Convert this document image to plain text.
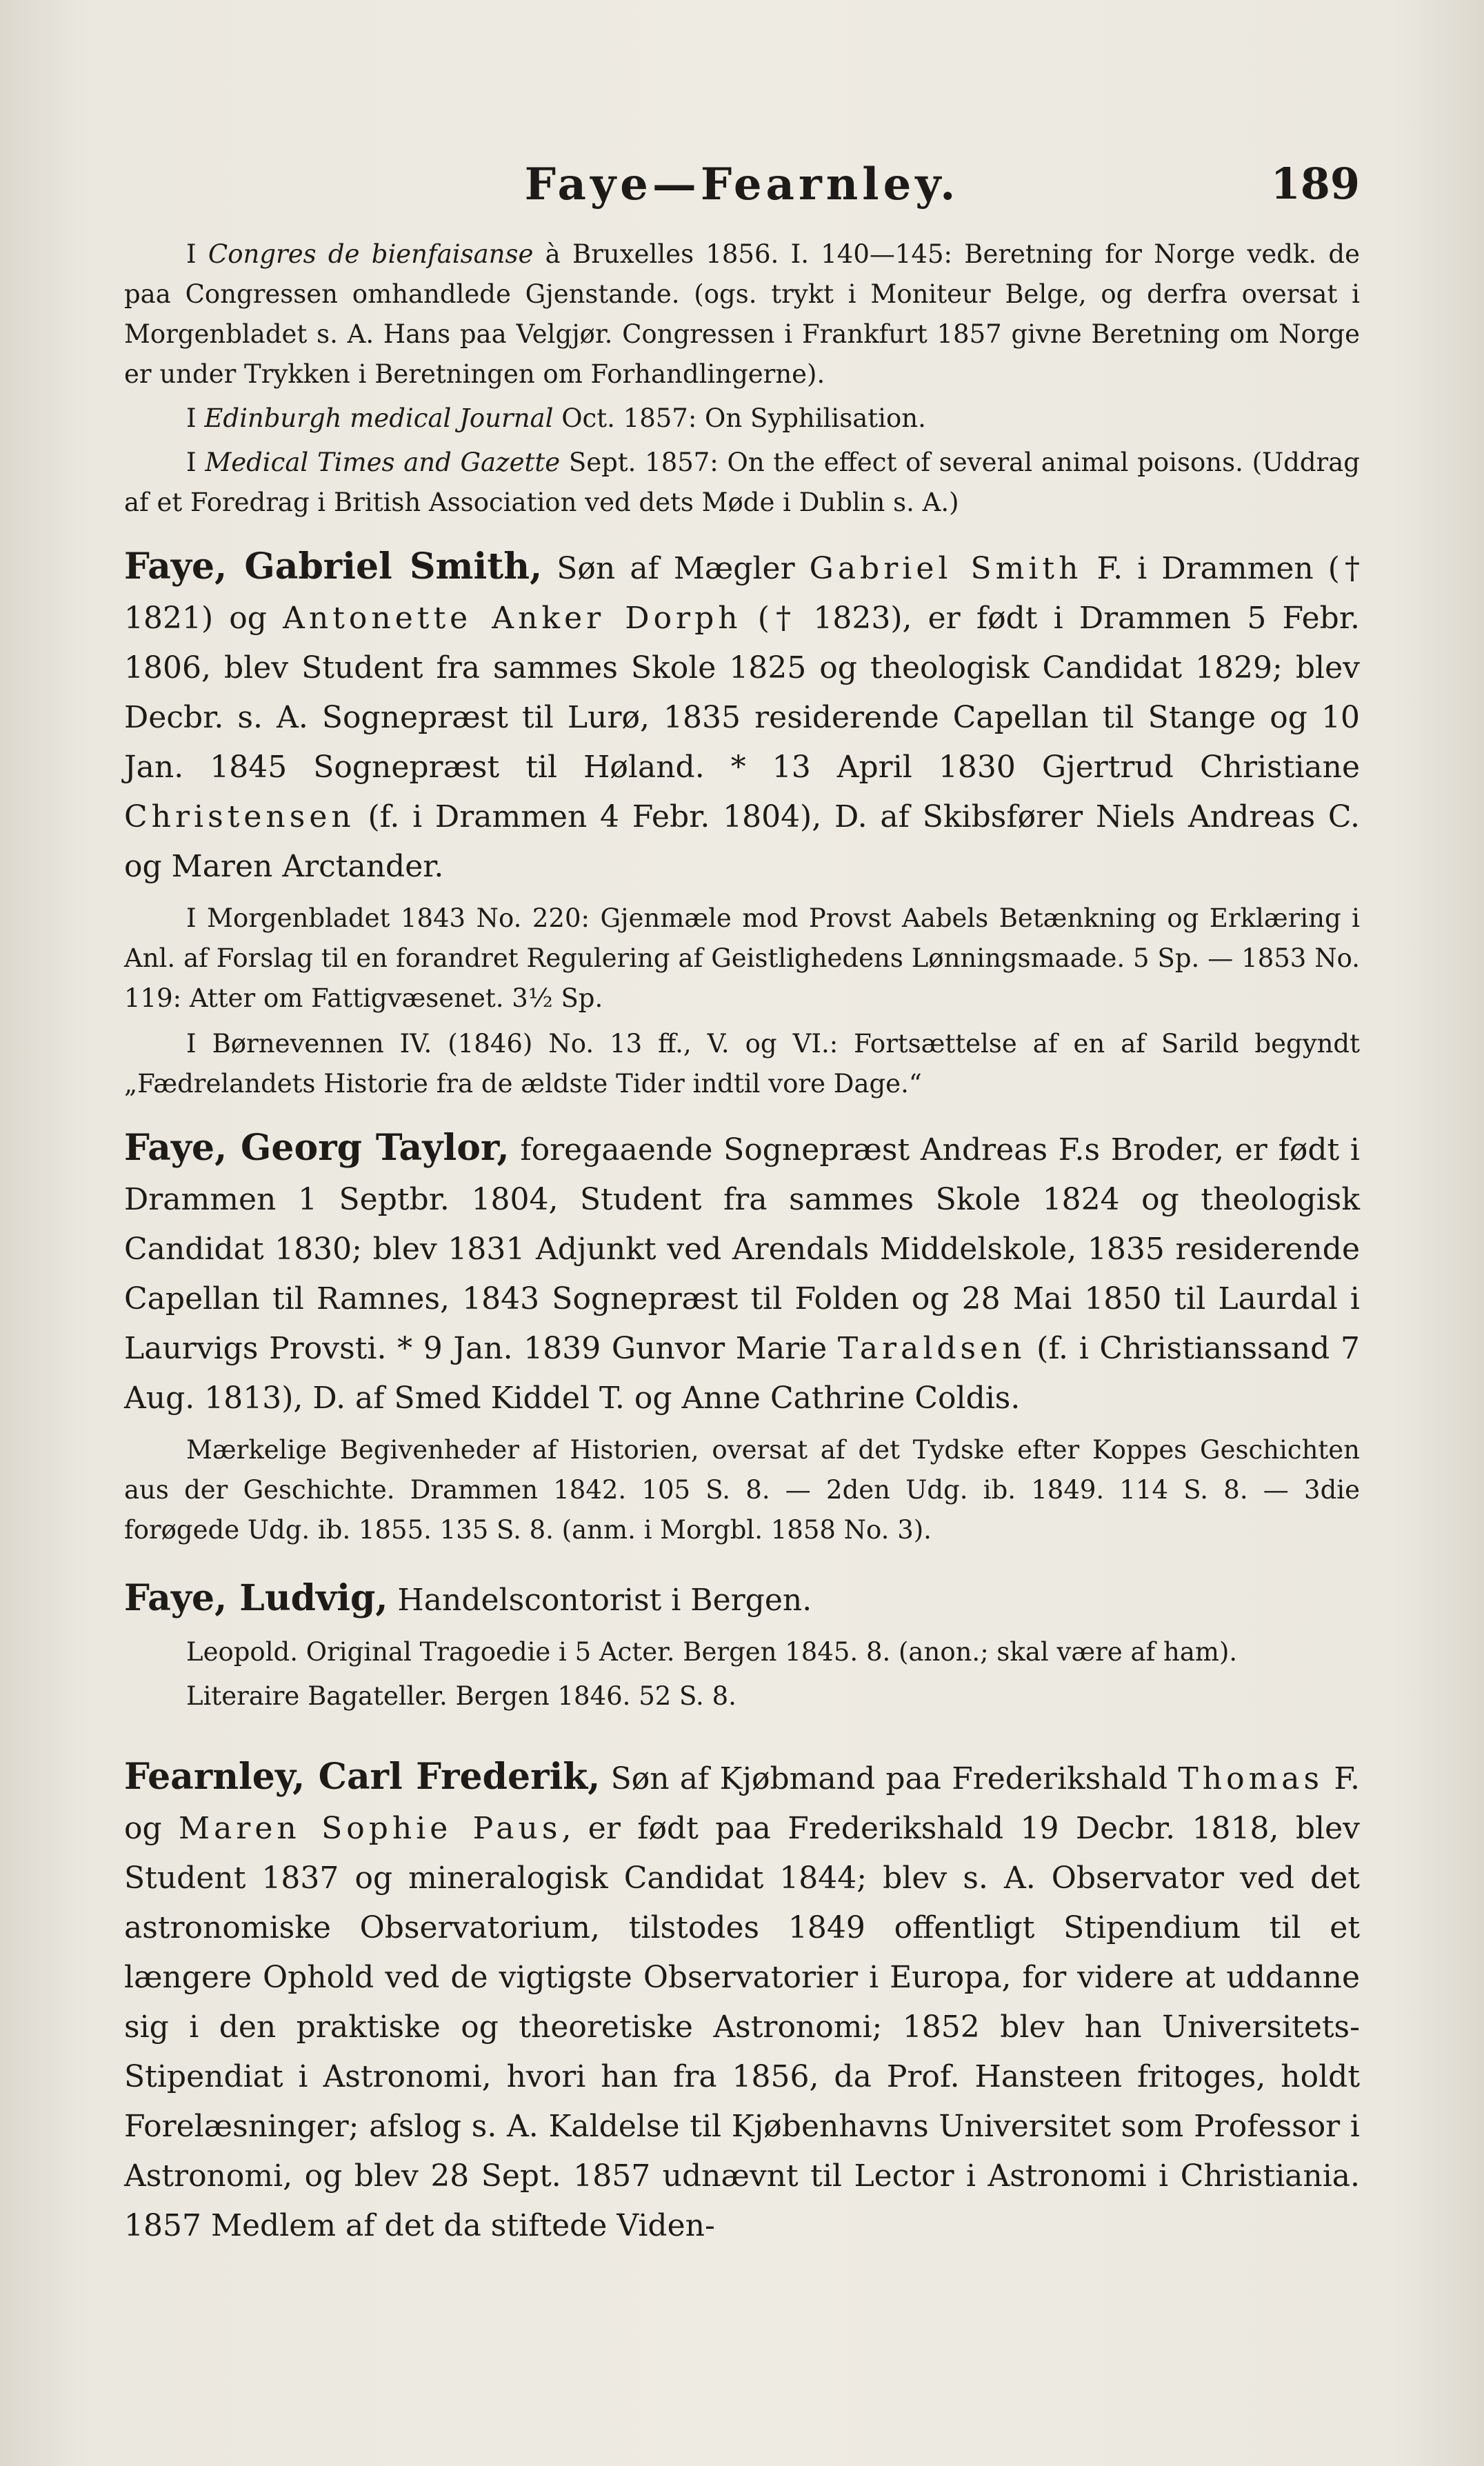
Faye—Fearnley.	189

I Congres de bienfaisanse à Bruxelles 1856. I. 140—145: Beretning for Norge vedk. de paa Congressen omhandlede Gjenstande. (ogs. trykt i Moniteur Belge, og derfra oversat i Morgenbladet s. A. Hans paa Velgjør. Congressen i Frankfurt 1857 givne Beretning om Norge er under Trykken i Beretningen om Forhandlingerne).

I Edinburgh medical Journal Oct. 1857: On Syphilisation.

I Medical Times and Gazette Sept. 1857: On the effect of several animal poisons. (Uddrag af et Foredrag i British Association ved dets Møde i Dublin s. A.)

Faye, Gabriel Smith, Søn af Mægler Gabriel Smith F. i Drammen († 1821) og Antonette Anker Dorph († 1823), er født i Drammen 5 Febr. 1806, blev Student fra sammes Skole 1825 og theologisk Candidat 1829; blev Decbr. s. A. Sognepræst til Lurø, 1835 residerende Capellan til Stange og 10 Jan. 1845 Sognepræst til Høland. * 13 April 1830 Gjertrud Christiane Christensen (f. i Drammen 4 Febr. 1804), D. af Skibsfører Niels Andreas C. og Maren Arctander.

I Morgenbladet 1843 No. 220: Gjenmæle mod Provst Aabels Betænkning og Erklæring i Anl. af Forslag til en forandret Regulering af Geistlighedens Lønningsmaade. 5 Sp. — 1853 No. 119: Atter om Fattigvæsenet. 3½ Sp.

I Børnevennen IV. (1846) No. 13 ff., V. og VI.: Fortsættelse af en af Sarild begyndt „Fædrelandets Historie fra de ældste Tider indtil vore Dage.“

Faye, Georg Taylor, foregaaende Sognepræst Andreas F.s Broder, er født i Drammen 1 Septbr. 1804, Student fra sammes Skole 1824 og theologisk Candidat 1830; blev 1831 Adjunkt ved Arendals Middelskole, 1835 residerende Capellan til Ramnes, 1843 Sognepræst til Folden og 28 Mai 1850 til Laurdal i Laurvigs Provsti. * 9 Jan. 1839 Gunvor Marie Taraldsen (f. i Christianssand 7 Aug. 1813), D. af Smed Kiddel T. og Anne Cathrine Coldis.

Mærkelige Begivenheder af Historien, oversat af det Tydske efter Koppes Geschichten aus der Geschichte. Drammen 1842. 105 S. 8. — 2den Udg. ib. 1849. 114 S. 8. — 3die forøgede Udg. ib. 1855. 135 S. 8. (anm. i Morgbl. 1858 No. 3).

Faye, Ludvig, Handelscontorist i Bergen.

Leopold. Original Tragoedie i 5 Acter. Bergen 1845. 8. (anon.; skal være af ham).

Literaire Bagateller. Bergen 1846. 52 S. 8.

Fearnley, Carl Frederik, Søn af Kjøbmand paa Frederikshald Thomas F. og Maren Sophie Paus, er født paa Frederikshald 19 Decbr. 1818, blev Student 1837 og mineralogisk Candidat 1844; blev s. A. Observator ved det astronomiske Observatorium, tilstodes 1849 offentligt Stipendium til et længere Ophold ved de vigtigste Observatorier i Europa, for videre at uddanne sig i den praktiske og theoretiske Astronomi; 1852 blev han Universitets-Stipendiat i Astronomi, hvori han fra 1856, da Prof. Hansteen fritoges, holdt Forelæsninger; afslog s. A. Kaldelse til Kjøbenhavns Universitet som Professor i Astronomi, og blev 28 Sept. 1857 udnævnt til Lector i Astronomi i Christiania. 1857 Medlem af det da stiftede Viden-
